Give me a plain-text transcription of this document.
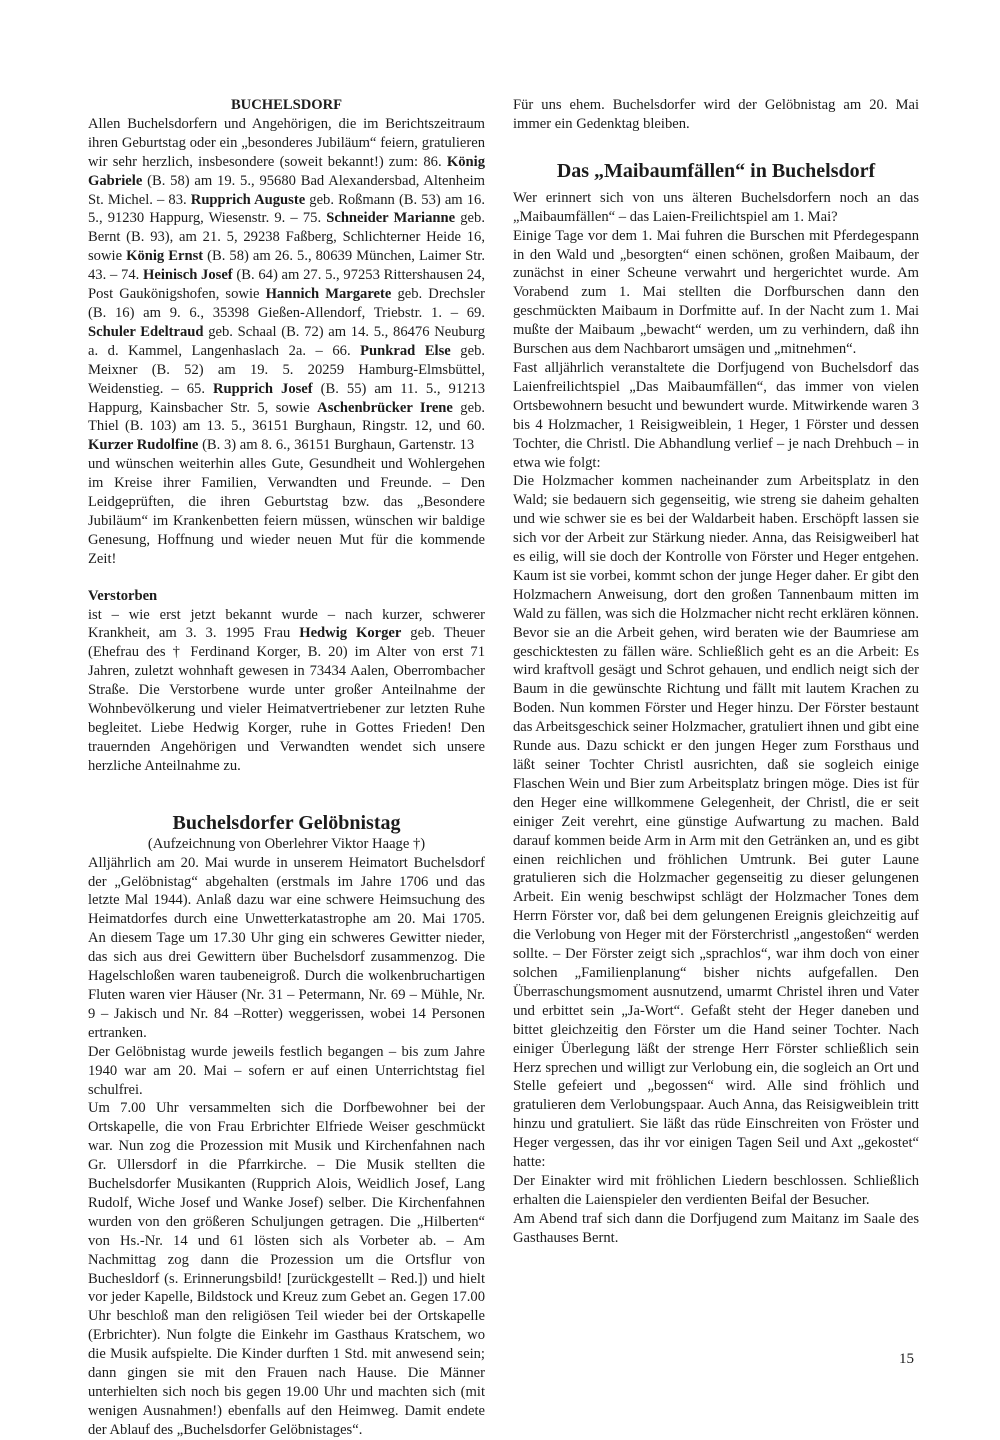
BUCHELSDORF

Allen Buchelsdorfern und Angehörigen, die im Berichtszeitraum ihren Geburtstag oder ein „besonderes Jubiläum“ feiern, gratulieren wir sehr herzlich, insbesondere (soweit bekannt!) zum: 86. König Gabriele (B. 58) am 19. 5., 95680 Bad Alexandersbad, Altenheim St. Michel. – 83. Rupprich Auguste geb. Roßmann (B. 53) am 16. 5., 91230 Happurg, Wiesenstr. 9. – 75. Schneider Marianne geb. Bernt (B. 93), am 21. 5, 29238 Faßberg, Schlichterner Heide 16, sowie König Ernst (B. 58) am 26. 5., 80639 München, Laimer Str. 43. – 74. Heinisch Josef (B. 64) am 27. 5., 97253 Rittershausen 24, Post Gaukönigshofen, sowie Hannich Margarete geb. Drechsler (B. 16) am 9. 6., 35398 Gießen-Allendorf, Triebstr. 1. – 69. Schuler Edeltraud geb. Schaal (B. 72) am 14. 5., 86476 Neuburg a. d. Kammel, Langenhaslach 2a. – 66. Punkrad Else geb. Meixner (B. 52) am 19. 5. 20259 Hamburg-Elmsbüttel, Weidenstieg. – 65. Rupprich Josef (B. 55) am 11. 5., 91213 Happurg, Kainsbacher Str. 5, sowie Aschenbrücker Irene geb. Thiel (B. 103) am 13. 5., 36151 Burghaun, Ringstr. 12, und 60. Kurzer Rudolfine (B. 3) am 8. 6., 36151 Burghaun, Gartenstr. 13

und wünschen weiterhin alles Gute, Gesundheit und Wohlergehen im Kreise ihrer Familien, Verwandten und Freunde. – Den Leidgeprüften, die ihren Geburtstag bzw. das „Besondere Jubiläum“ im Krankenbetten feiern müssen, wünschen wir baldige Genesung, Hoffnung und wieder neuen Mut für die kommende Zeit!

Verstorben

ist – wie erst jetzt bekannt wurde – nach kurzer, schwerer Krankheit, am 3. 3. 1995 Frau Hedwig Korger geb. Theuer (Ehefrau des † Ferdinand Korger, B. 20) im Alter von erst 71 Jahren, zuletzt wohnhaft gewesen in 73434 Aalen, Oberrombacher Straße. Die Verstorbene wurde unter großer Anteilnahme der Wohnbevölkerung und vieler Heimatvertriebener zur letzten Ruhe begleitet. Liebe Hedwig Korger, ruhe in Gottes Frieden! Den trauernden Angehörigen und Verwandten wendet sich unsere herzliche Anteilnahme zu.

Buchelsdorfer Gelöbnistag
(Aufzeichnung von Oberlehrer Viktor Haage †)

Alljährlich am 20. Mai wurde in unserem Heimatort Buchelsdorf der „Gelöbnistag“ abgehalten (erstmals im Jahre 1706 und das letzte Mal 1944). Anlaß dazu war eine schwere Heimsuchung des Heimatdorfes durch eine Unwetterkatastrophe am 20. Mai 1705. An diesem Tage um 17.30 Uhr ging ein schweres Gewitter nieder, das sich aus drei Gewittern über Buchelsdorf zusammenzog. Die Hagelschloßen waren taubeneigroß. Durch die wolkenbruchartigen Fluten waren vier Häuser (Nr. 31 – Petermann, Nr. 69 – Mühle, Nr. 9 – Jakisch und Nr. 84 –Rotter) weggerissen, wobei 14 Personen ertranken.

Der Gelöbnistag wurde jeweils festlich begangen – bis zum Jahre 1940 war am 20. Mai – sofern er auf einen Unterrichtstag fiel schulfrei.

Um 7.00 Uhr versammelten sich die Dorfbewohner bei der Ortskapelle, die von Frau Erbrichter Elfriede Weiser geschmückt war. Nun zog die Prozession mit Musik und Kirchenfahnen nach Gr. Ullersdorf in die Pfarrkirche. – Die Musik stellten die Buchelsdorfer Musikanten (Rupprich Alois, Weidlich Josef, Lang Rudolf, Wiche Josef und Wanke Josef) selber. Die Kirchenfahnen wurden von den größeren Schuljungen getragen. Die „Hilberten“ von Hs.-Nr. 14 und 61 lösten sich als Vorbeter ab. – Am Nachmittag zog dann die Prozession um die Ortsflur von Buchesldorf (s. Erinnerungsbild! [zurückgestellt – Red.]) und hielt vor jeder Kapelle, Bildstock und Kreuz zum Gebet an. Gegen 17.00 Uhr beschloß man den religiösen Teil wieder bei der Ortskapelle (Erbrichter). Nun folgte die Einkehr im Gasthaus Kratschem, wo die Musik aufspielte. Die Kinder durften 1 Std. mit anwesend sein; dann gingen sie mit den Frauen nach Hause. Die Männer unterhielten sich noch bis gegen 19.00 Uhr und machten sich (mit wenigen Ausnahmen!) ebenfalls auf den Heimweg. Damit endete der Ablauf des „Buchelsdorfer Gelöbnistages“.

Für uns ehem. Buchelsdorfer wird der Gelöbnistag am 20. Mai immer ein Gedenktag bleiben.

Das „Maibaumfällen“ in Buchelsdorf

Wer erinnert sich von uns älteren Buchelsdorfern noch an das „Maibaumfällen“ – das Laien-Freilichtspiel am 1. Mai?

Einige Tage vor dem 1. Mai fuhren die Burschen mit Pferdegespann in den Wald und „besorgten“ einen schönen, großen Maibaum, der zunächst in einer Scheune verwahrt und hergerichtet wurde. Am Vorabend zum 1. Mai stellten die Dorfburschen dann den geschmückten Maibaum in Dorfmitte auf. In der Nacht zum 1. Mai mußte der Maibaum „bewacht“ werden, um zu verhindern, daß ihn Burschen aus dem Nachbarort umsägen und „mitnehmen“.

Fast alljährlich veranstaltete die Dorfjugend von Buchelsdorf das Laienfreilichtspiel „Das Maibaumfällen“, das immer von vielen Ortsbewohnern besucht und bewundert wurde. Mitwirkende waren 3 bis 4 Holzmacher, 1 Reisigweiblein, 1 Heger, 1 Förster und dessen Tochter, die Christl. Die Abhandlung verlief – je nach Drehbuch – in etwa wie folgt:

Die Holzmacher kommen nacheinander zum Arbeitsplatz in den Wald; sie bedauern sich gegenseitig, wie streng sie daheim gehalten und wie schwer sie es bei der Waldarbeit haben. Erschöpft lassen sie sich vor der Arbeit zur Stärkung nieder. Anna, das Reisigweiberl hat es eilig, will sie doch der Kontrolle von Förster und Heger entgehen. Kaum ist sie vorbei, kommt schon der junge Heger daher. Er gibt den Holzmachern Anweisung, dort den großen Tannenbaum mitten im Wald zu fällen, was sich die Holzmacher nicht recht erklären können. Bevor sie an die Arbeit gehen, wird beraten wie der Baumriese am geschicktesten zu fällen wäre. Schließlich geht es an die Arbeit: Es wird kraftvoll gesägt und Schrot gehauen, und endlich neigt sich der Baum in die gewünschte Richtung und fällt mit lautem Krachen zu Boden. Nun kommen Förster und Heger hinzu. Der Förster bestaunt das Arbeitsgeschick seiner Holzmacher, gratuliert ihnen und gibt eine Runde aus. Dazu schickt er den jungen Heger zum Forsthaus und läßt seiner Tochter Christl ausrichten, daß sie sogleich einige Flaschen Wein und Bier zum Arbeitsplatz bringen möge. Dies ist für den Heger eine willkommene Gelegenheit, der Christl, die er seit einiger Zeit verehrt, eine günstige Aufwartung zu machen. Bald darauf kommen beide Arm in Arm mit den Getränken an, und es gibt einen reichlichen und fröhlichen Umtrunk. Bei guter Laune gratulieren sich die Holzmacher gegenseitig zu dieser gelungenen Arbeit. Ein wenig beschwipst schlägt der Holzmacher Tones dem Herrn Förster vor, daß bei dem gelungenen Ereignis gleichzeitig auf die Verlobung von Heger mit der Försterchristl „angestoßen“ werden sollte. – Der Förster zeigt sich „sprachlos“, war ihm doch von einer solchen „Familienplanung“ bisher nichts aufgefallen. Den Überraschungsmoment ausnutzend, umarmt Christel ihren und Vater und erbittet sein „Ja-Wort“. Gefaßt steht der Heger daneben und bittet gleichzeitig den Förster um die Hand seiner Tochter. Nach einiger Überlegung läßt der strenge Herr Förster schließlich sein Herz sprechen und willigt zur Verlobung ein, die sogleich an Ort und Stelle gefeiert und „begossen“ wird. Alle sind fröhlich und gratulieren dem Verlobungspaar. Auch Anna, das Reisigweiblein tritt hinzu und gratuliert. Sie läßt das rüde Einschreiten von Fröster und Heger vergessen, das ihr vor einigen Tagen Seil und Axt „gekostet“ hatte:

Der Einakter wird mit fröhlichen Liedern beschlossen. Schließlich erhalten die Laienspieler den verdienten Beifal der Besucher.

Am Abend traf sich dann die Dorfjugend zum Maitanz im Saale des Gasthauses Bernt.

15
